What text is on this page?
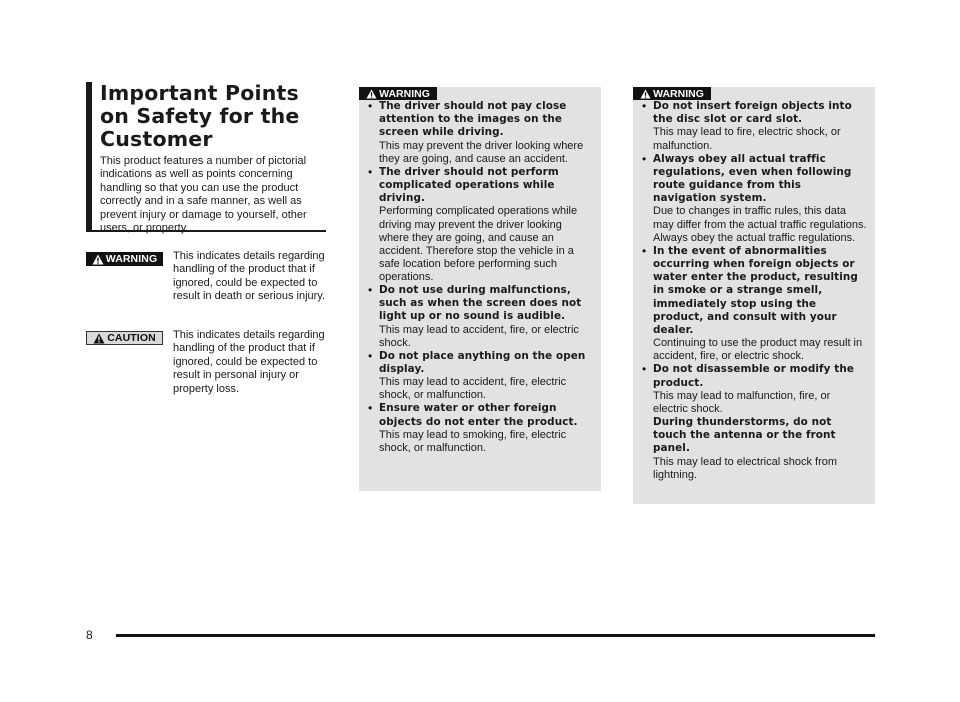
Important Points on Safety for the Customer

This product features a number of pictorial indications as well as points concerning handling so that you can use the product correctly and in a safe manner, as well as prevent injury or damage to yourself, other users, or property.

WARNING This indicates details regarding handling of the product that if ignored, could be expected to result in death or serious injury.

CAUTION This indicates details regarding handling of the product that if ignored, could be expected to result in personal injury or property loss.

WARNING
• The driver should not pay close attention to the images on the screen while driving.
This may prevent the driver looking where they are going, and cause an accident.
• The driver should not perform complicated operations while driving.
Performing complicated operations while driving may prevent the driver looking where they are going, and cause an accident. Therefore stop the vehicle in a safe location before performing such operations.
• Do not use during malfunctions, such as when the screen does not light up or no sound is audible.
This may lead to accident, fire, or electric shock.
• Do not place anything on the open display.
This may lead to accident, fire, electric shock, or malfunction.
• Ensure water or other foreign objects do not enter the product.
This may lead to smoking, fire, electric shock, or malfunction.
WARNING
• Do not insert foreign objects into the disc slot or card slot.
This may lead to fire, electric shock, or malfunction.
• Always obey all actual traffic regulations, even when following route guidance from this navigation system.
Due to changes in traffic rules, this data may differ from the actual traffic regulations.
Always obey the actual traffic regulations.
• In the event of abnormalities occurring when foreign objects or water enter the product, resulting in smoke or a strange smell, immediately stop using the product, and consult with your dealer.
Continuing to use the product may result in accident, fire, or electric shock.
• Do not disassemble or modify the product.
This may lead to malfunction, fire, or electric shock.
During thunderstorms, do not touch the antenna or the front panel.
This may lead to electrical shock from lightning.
8
